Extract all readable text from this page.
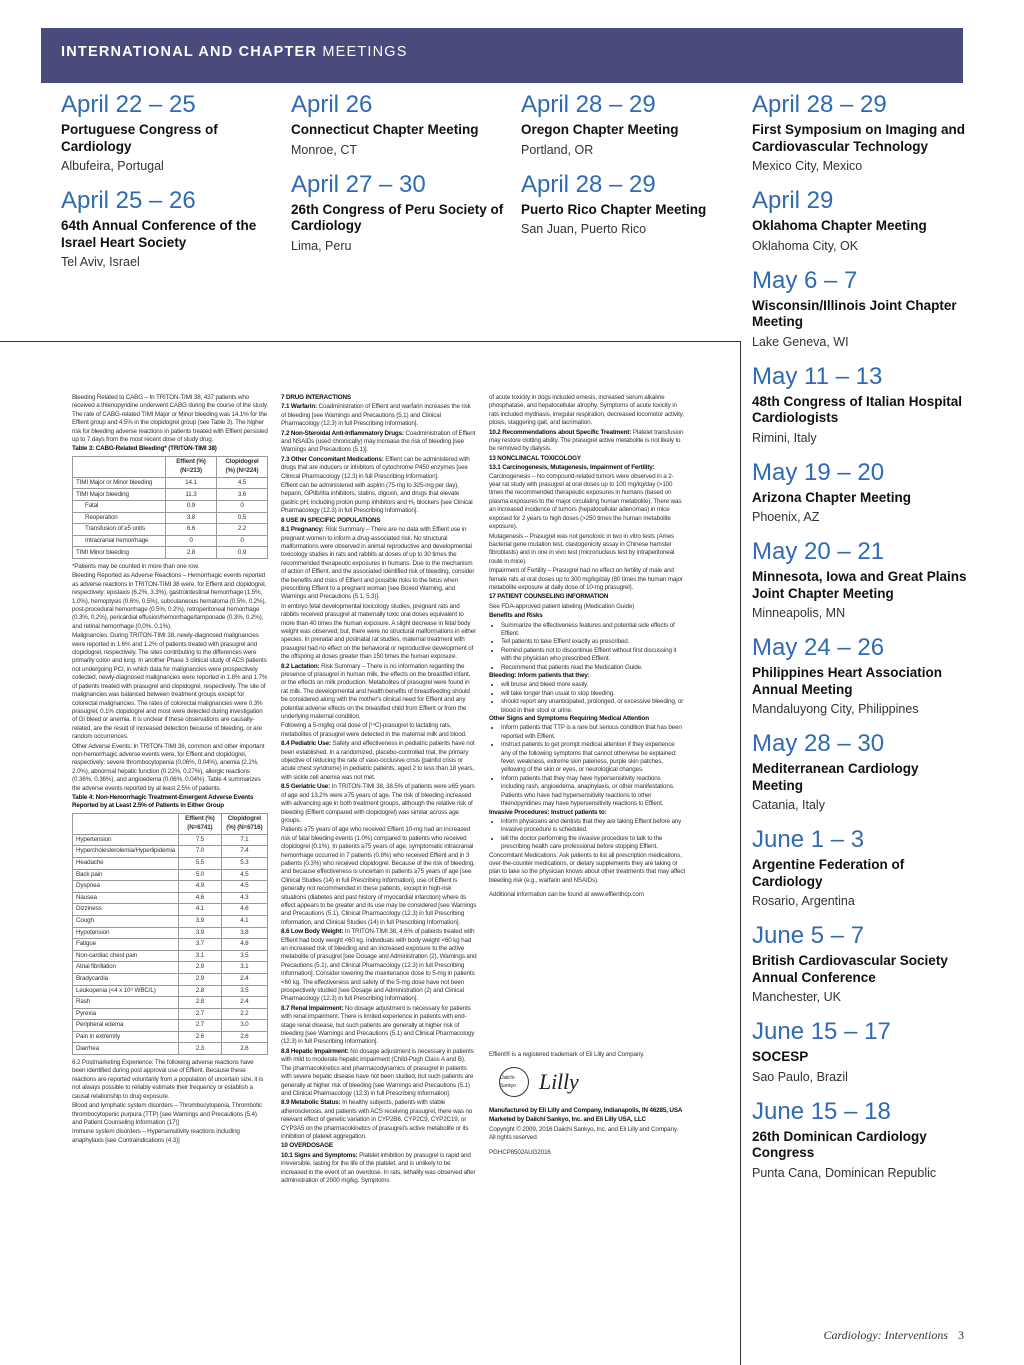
INTERNATIONAL AND CHAPTER MEETINGS
April 22 – 25
Portuguese Congress of Cardiology
Albufeira, Portugal
April 25 – 26
64th Annual Conference of the Israel Heart Society
Tel Aviv, Israel
April 26
Connecticut Chapter Meeting
Monroe, CT
April 27 – 30
26th Congress of Peru Society of Cardiology
Lima, Peru
April 28 – 29
Oregon Chapter Meeting
Portland, OR
April 28 – 29
Puerto Rico Chapter Meeting
San Juan, Puerto Rico
April 28 – 29
First Symposium on Imaging and Cardiovascular Technology
Mexico City, Mexico
April 29
Oklahoma Chapter Meeting
Oklahoma City, OK
May 6 – 7
Wisconsin/Illinois Joint Chapter Meeting
Lake Geneva, WI
May 11 – 13
48th Congress of Italian Hospital Cardiologists
Rimini, Italy
May 19 – 20
Arizona Chapter Meeting
Phoenix, AZ
May 20 – 21
Minnesota, Iowa and Great Plains Joint Chapter Meeting
Minneapolis, MN
May 24 – 26
Philippines Heart Association Annual Meeting
Mandaluyong City, Philippines
May 28 – 30
Mediterranean Cardiology Meeting
Catania, Italy
June 1 – 3
Argentine Federation of Cardiology
Rosario, Argentina
June 5 – 7
British Cardiovascular Society Annual Conference
Manchester, UK
June 15 – 17
SOCESP
Sao Paulo, Brazil
June 15 – 18
26th Dominican Cardiology Congress
Punta Cana, Dominican Republic

Bleeding Related to CABG – In TRITON-TIMI 38, 437 patients who received a thienopyridine underwent CABG during the course of the study. The rate of CABG-related TIMI Major or Minor bleeding was 14.1% for the Effient group and 4.5% in the clopidogrel group (see Table 3). The higher risk for bleeding adverse reactions in patients treated with Effient persisted up to 7 days from the most recent dose of study drug.

Table 3: CABG-Related Bleeding* (TRITON-TIMI 38)

	Effient (%) (N=213)	Clopidogrel (%) (N=224)
TIMI Major or Minor bleeding	14.1	4.5
TIMI Major bleeding	11.3	3.6
Fatal	0.9	0
Reoperation	3.8	0.5
Transfusion of ≥5 units	6.6	2.2
Intracranial hemorrhage	0	0
TIMI Minor bleeding	2.8	0.9

*Patients may be counted in more than one row.

Bleeding Reported as Adverse Reactions – Hemorrhagic events reported as adverse reactions in TRITON-TIMI 38 were, for Effient and clopidogrel, respectively: epistaxis (6.2%, 3.3%), gastrointestinal hemorrhage (1.5%, 1.0%), hemoptysis (0.6%, 0.5%), subcutaneous hematoma (0.5%, 0.2%), post-procedural hemorrhage (0.5%, 0.2%), retroperitoneal hemorrhage (0.3%, 0.2%), pericardial effusion/hemorrhage/tamponade (0.3%, 0.2%), and retinal hemorrhage (0.0%, 0.1%).

Malignancies: During TRITON-TIMI 38, newly-diagnosed malignancies were reported in 1.6% and 1.2% of patients treated with prasugrel and clopidogrel, respectively. The sites contributing to the differences were primarily colon and lung. In another Phase 3 clinical study of ACS patients not undergoing PCI, in which data for malignancies were prospectively collected, newly-diagnosed malignancies were reported in 1.8% and 1.7% of patients treated with prasugrel and clopidogrel, respectively. The site of malignancies was balanced between treatment groups except for colorectal malignancies. The rates of colorectal malignancies were 0.3% prasugrel, 0.1% clopidogrel and most were detected during investigation of GI bleed or anemia. It is unclear if these observations are causally-related, are the result of increased detection because of bleeding, or are random occurrences.

Other Adverse Events: In TRITON-TIMI 38, common and other important non-hemorrhagic adverse events were, for Effient and clopidogrel, respectively: severe thrombocytopenia (0.06%, 0.04%), anemia (2.2%, 2.0%), abnormal hepatic function (0.22%, 0.27%), allergic reactions (0.36%, 0.36%), and angioedema (0.06%, 0.04%). Table 4 summarizes the adverse events reported by at least 2.5% of patients.

Table 4: Non-Hemorrhagic Treatment-Emergent Adverse Events Reported by at Least 2.5% of Patients in Either Group

	Effient (%) (N=6741)	Clopidogrel (%) (N=6716)
Hypertension	7.5	7.1
Hypercholesterolemia/Hyperlipidemia	7.0	7.4
Headache	5.5	5.3
Back pain	5.0	4.5
Dyspnea	4.9	4.5
Nausea	4.6	4.3
Dizziness	4.1	4.6
Cough	3.9	4.1
Hypotension	3.9	3.8
Fatigue	3.7	4.8
Non-cardiac chest pain	3.1	3.5
Atrial fibrillation	2.9	3.1
Bradycardia	2.9	2.4
Leukopenia (<4 x 10⁹ WBC/L)	2.8	3.5
Rash	2.8	2.4
Pyrexia	2.7	2.2
Peripheral edema	2.7	3.0
Pain in extremity	2.6	2.6
Diarrhea	2.3	2.6

6.2 Postmarketing Experience: The following adverse reactions have been identified during post approval use of Effient. Because these reactions are reported voluntarily from a population of uncertain size, it is not always possible to reliably estimate their frequency or establish a causal relationship to drug exposure.

Blood and lymphatic system disorders – Thrombocytopenia, Thrombotic thrombocytopenic purpura (TTP) [see Warnings and Precautions (5.4) and Patient Counseling Information (17)]

Immune system disorders – Hypersensitivity reactions including anaphylaxis [see Contraindications (4.3)]

7 DRUG INTERACTIONS

7.1 Warfarin: Coadministration of Effient and warfarin increases the risk of bleeding [see Warnings and Precautions (5.1) and Clinical Pharmacology (12.3) in full Prescribing Information].

7.2 Non-Steroidal Anti-Inflammatory Drugs: Coadministration of Effient and NSAIDs (used chronically) may increase the risk of bleeding [see Warnings and Precautions (5.1)].

7.3 Other Concomitant Medications: Effient can be administered with drugs that are inducers or inhibitors of cytochrome P450 enzymes [see Clinical Pharmacology (12.3) in full Prescribing Information].

Effient can be administered with aspirin (75-mg to 325-mg per day), heparin, GPIIb/IIIa inhibitors, statins, digoxin, and drugs that elevate gastric pH, including proton pump inhibitors and H₂ blockers [see Clinical Pharmacology (12.3) in full Prescribing Information].

8 USE IN SPECIFIC POPULATIONS

8.1 Pregnancy: Risk Summary – There are no data with Effient use in pregnant women to inform a drug-associated risk. No structural malformations were observed in animal reproductive and developmental toxicology studies in rats and rabbits at doses of up to 30 times the recommended therapeutic exposures in humans. Due to the mechanism of action of Effient, and the associated identified risk of bleeding, consider the benefits and risks of Effient and possible risks to the fetus when prescribing Effient to a pregnant woman [see Boxed Warning, and Warnings and Precautions (5.1, 5.3)].

In embryo fetal developmental toxicology studies, pregnant rats and rabbits received prasugrel at maternally toxic oral doses equivalent to more than 40 times the human exposure. A slight decrease in fetal body weight was observed; but, there were no structural malformations in either species. In prenatal and postnatal rat studies, maternal treatment with prasugrel had no effect on the behavioral or reproductive development of the offspring at doses greater than 150 times the human exposure.

8.2 Lactation: Risk Summary – There is no information regarding the presence of prasugrel in human milk, the effects on the breastfed infant, or the effects on milk production. Metabolites of prasugrel were found in rat milk. The developmental and health benefits of breastfeeding should be considered along with the mother's clinical need for Effient and any potential adverse effects on the breastfed child from Effient or from the underlying maternal condition.

Following a 5-mg/kg oral dose of [¹⁴C]-prasugrel to lactating rats, metabolites of prasugrel were detected in the maternal milk and blood.

8.4 Pediatric Use: Safety and effectiveness in pediatric patients have not been established. In a randomized, placebo-controlled trial, the primary objective of reducing the rate of vaso-occlusive crisis (painful crisis or acute chest syndrome) in pediatric patients, aged 2 to less than 18 years, with sickle cell anemia was not met.

8.5 Geriatric Use: In TRITON-TIMI 38, 38.5% of patients were ≥65 years of age and 13.2% were ≥75 years of age. The risk of bleeding increased with advancing age in both treatment groups, although the relative risk of bleeding (Effient compared with clopidogrel) was similar across age groups.

Patients ≥75 years of age who received Effient 10-mg had an increased risk of fatal bleeding events (1.0%) compared to patients who received clopidogrel (0.1%). In patients ≥75 years of age, symptomatic intracranial hemorrhage occurred in 7 patients (0.8%) who received Effient and in 3 patients (0.3%) who received clopidogrel. Because of the risk of bleeding, and because effectiveness is uncertain in patients ≥75 years of age [see Clinical Studies (14) in full Prescribing Information], use of Effient is generally not recommended in these patients, except in high-risk situations (diabetes and past history of myocardial infarction) where its effect appears to be greater and its use may be considered [see Warnings and Precautions (5.1), Clinical Pharmacology (12.3) in full Prescribing Information, and Clinical Studies (14) in full Prescribing Information].

8.6 Low Body Weight: In TRITON-TIMI 38, 4.6% of patients treated with Effient had body weight <60 kg. Individuals with body weight <60 kg had an increased risk of bleeding and an increased exposure to the active metabolite of prasugrel [see Dosage and Administration (2), Warnings and Precautions (5.1), and Clinical Pharmacology (12.3) in full Prescribing Information]. Consider lowering the maintenance dose to 5-mg in patients <60 kg. The effectiveness and safety of the 5-mg dose have not been prospectively studied [see Dosage and Administration (2) and Clinical Pharmacology (12.3) in full Prescribing Information].

8.7 Renal Impairment: No dosage adjustment is necessary for patients with renal impairment. There is limited experience in patients with end-stage renal disease, but such patients are generally at higher risk of bleeding [see Warnings and Precautions (5.1) and Clinical Pharmacology (12.3) in full Prescribing Information].

8.8 Hepatic Impairment: No dosage adjustment is necessary in patients with mild to moderate hepatic impairment (Child-Pugh Class A and B). The pharmacokinetics and pharmacodynamics of prasugrel in patients with severe hepatic disease have not been studied, but such patients are generally at higher risk of bleeding [see Warnings and Precautions (5.1) and Clinical Pharmacology (12.3) in full Prescribing Information].

8.9 Metabolic Status: In healthy subjects, patients with stable atherosclerosis, and patients with ACS receiving prasugrel, there was no relevant effect of genetic variation in CYP2B6, CYP2C9, CYP2C19, or CYP3A5 on the pharmacokinetics of prasugrel's active metabolite or its inhibition of platelet aggregation.

10 OVERDOSAGE

10.1 Signs and Symptoms: Platelet inhibition by prasugrel is rapid and irreversible, lasting for the life of the platelet, and is unlikely to be increased in the event of an overdose. In rats, lethality was observed after administration of 2000 mg/kg. Symptoms

of acute toxicity in dogs included emesis, increased serum alkaline phosphatase, and hepatocellular atrophy. Symptoms of acute toxicity in rats included mydriasis, irregular respiration, decreased locomotor activity, ptosis, staggering gait, and lacrimation.

10.2 Recommendations about Specific Treatment: Platelet transfusion may restore clotting ability. The prasugrel active metabolite is not likely to be removed by dialysis.

13 NONCLINICAL TOXICOLOGY

13.1 Carcinogenesis, Mutagenesis, Impairment of Fertility: Carcinogenesis – No compound-related tumors were observed in a 2-year rat study with prasugrel at oral doses up to 100 mg/kg/day (>100 times the recommended therapeutic exposures in humans (based on plasma exposures to the major circulating human metabolite). There was an increased incidence of tumors (hepatocellular adenomas) in mice exposed for 2 years to high doses (>250 times the human metabolite exposure).

Mutagenesis – Prasugrel was not genotoxic in two in vitro tests (Ames bacterial gene mutation test, clastogenicity assay in Chinese hamster fibroblasts) and in one in vivo test (micronucleus test by intraperitoneal route in mice).

Impairment of Fertility – Prasugrel had no effect on fertility of male and female rats at oral doses up to 300 mg/kg/day (80 times the human major metabolite exposure at daily dose of 10-mg prasugrel).

17 PATIENT COUNSELING INFORMATION

See FDA-approved patient labeling (Medication Guide)

Benefits and Risks

• Summarize the effectiveness features and potential side effects of Effient.
• Tell patients to take Effient exactly as prescribed.
• Remind patients not to discontinue Effient without first discussing it with the physician who prescribed Effient.
• Recommend that patients read the Medication Guide.

Bleeding: Inform patients that they:

• will bruise and bleed more easily.
• will take longer than usual to stop bleeding.
• should report any unanticipated, prolonged, or excessive bleeding, or blood in their stool or urine.

Other Signs and Symptoms Requiring Medical Attention

• Inform patients that TTP is a rare but serious condition that has been reported with Effient.
• Instruct patients to get prompt medical attention if they experience any of the following symptoms that cannot otherwise be explained: fever, weakness, extreme skin paleness, purple skin patches, yellowing of the skin or eyes, or neurological changes.
• Inform patients that they may have hypersensitivity reactions including rash, angioedema, anaphylaxis, or other manifestations. Patients who have had hypersensitivity reactions to other thienopyridines may have hypersensitivity reactions to Effient.

Invasive Procedures: Instruct patients to:

• inform physicians and dentists that they are taking Effient before any invasive procedure is scheduled.
• tell the doctor performing the invasive procedure to talk to the prescribing health care professional before stopping Effient.

Concomitant Medications: Ask patients to list all prescription medications, over-the-counter medications, or dietary supplements they are taking or plan to take so the physician knows about other treatments that may affect bleeding risk (e.g., warfarin and NSAIDs).

Additional information can be found at www.effienthcp.com

Effient® is a registered trademark of Eli Lilly and Company.

Daiichi-Sankyo	Lilly

Manufactured by Eli Lilly and Company, Indianapolis, IN 46285, USA

Marketed by Daiichi Sankyo, Inc. and Eli Lilly USA, LLC

Copyright © 2009, 2016 Daiichi Sankyo, Inc. and Eli Lilly and Company. All rights reserved.

PGHCP8502AUG2016

Cardiology: Interventions 3
